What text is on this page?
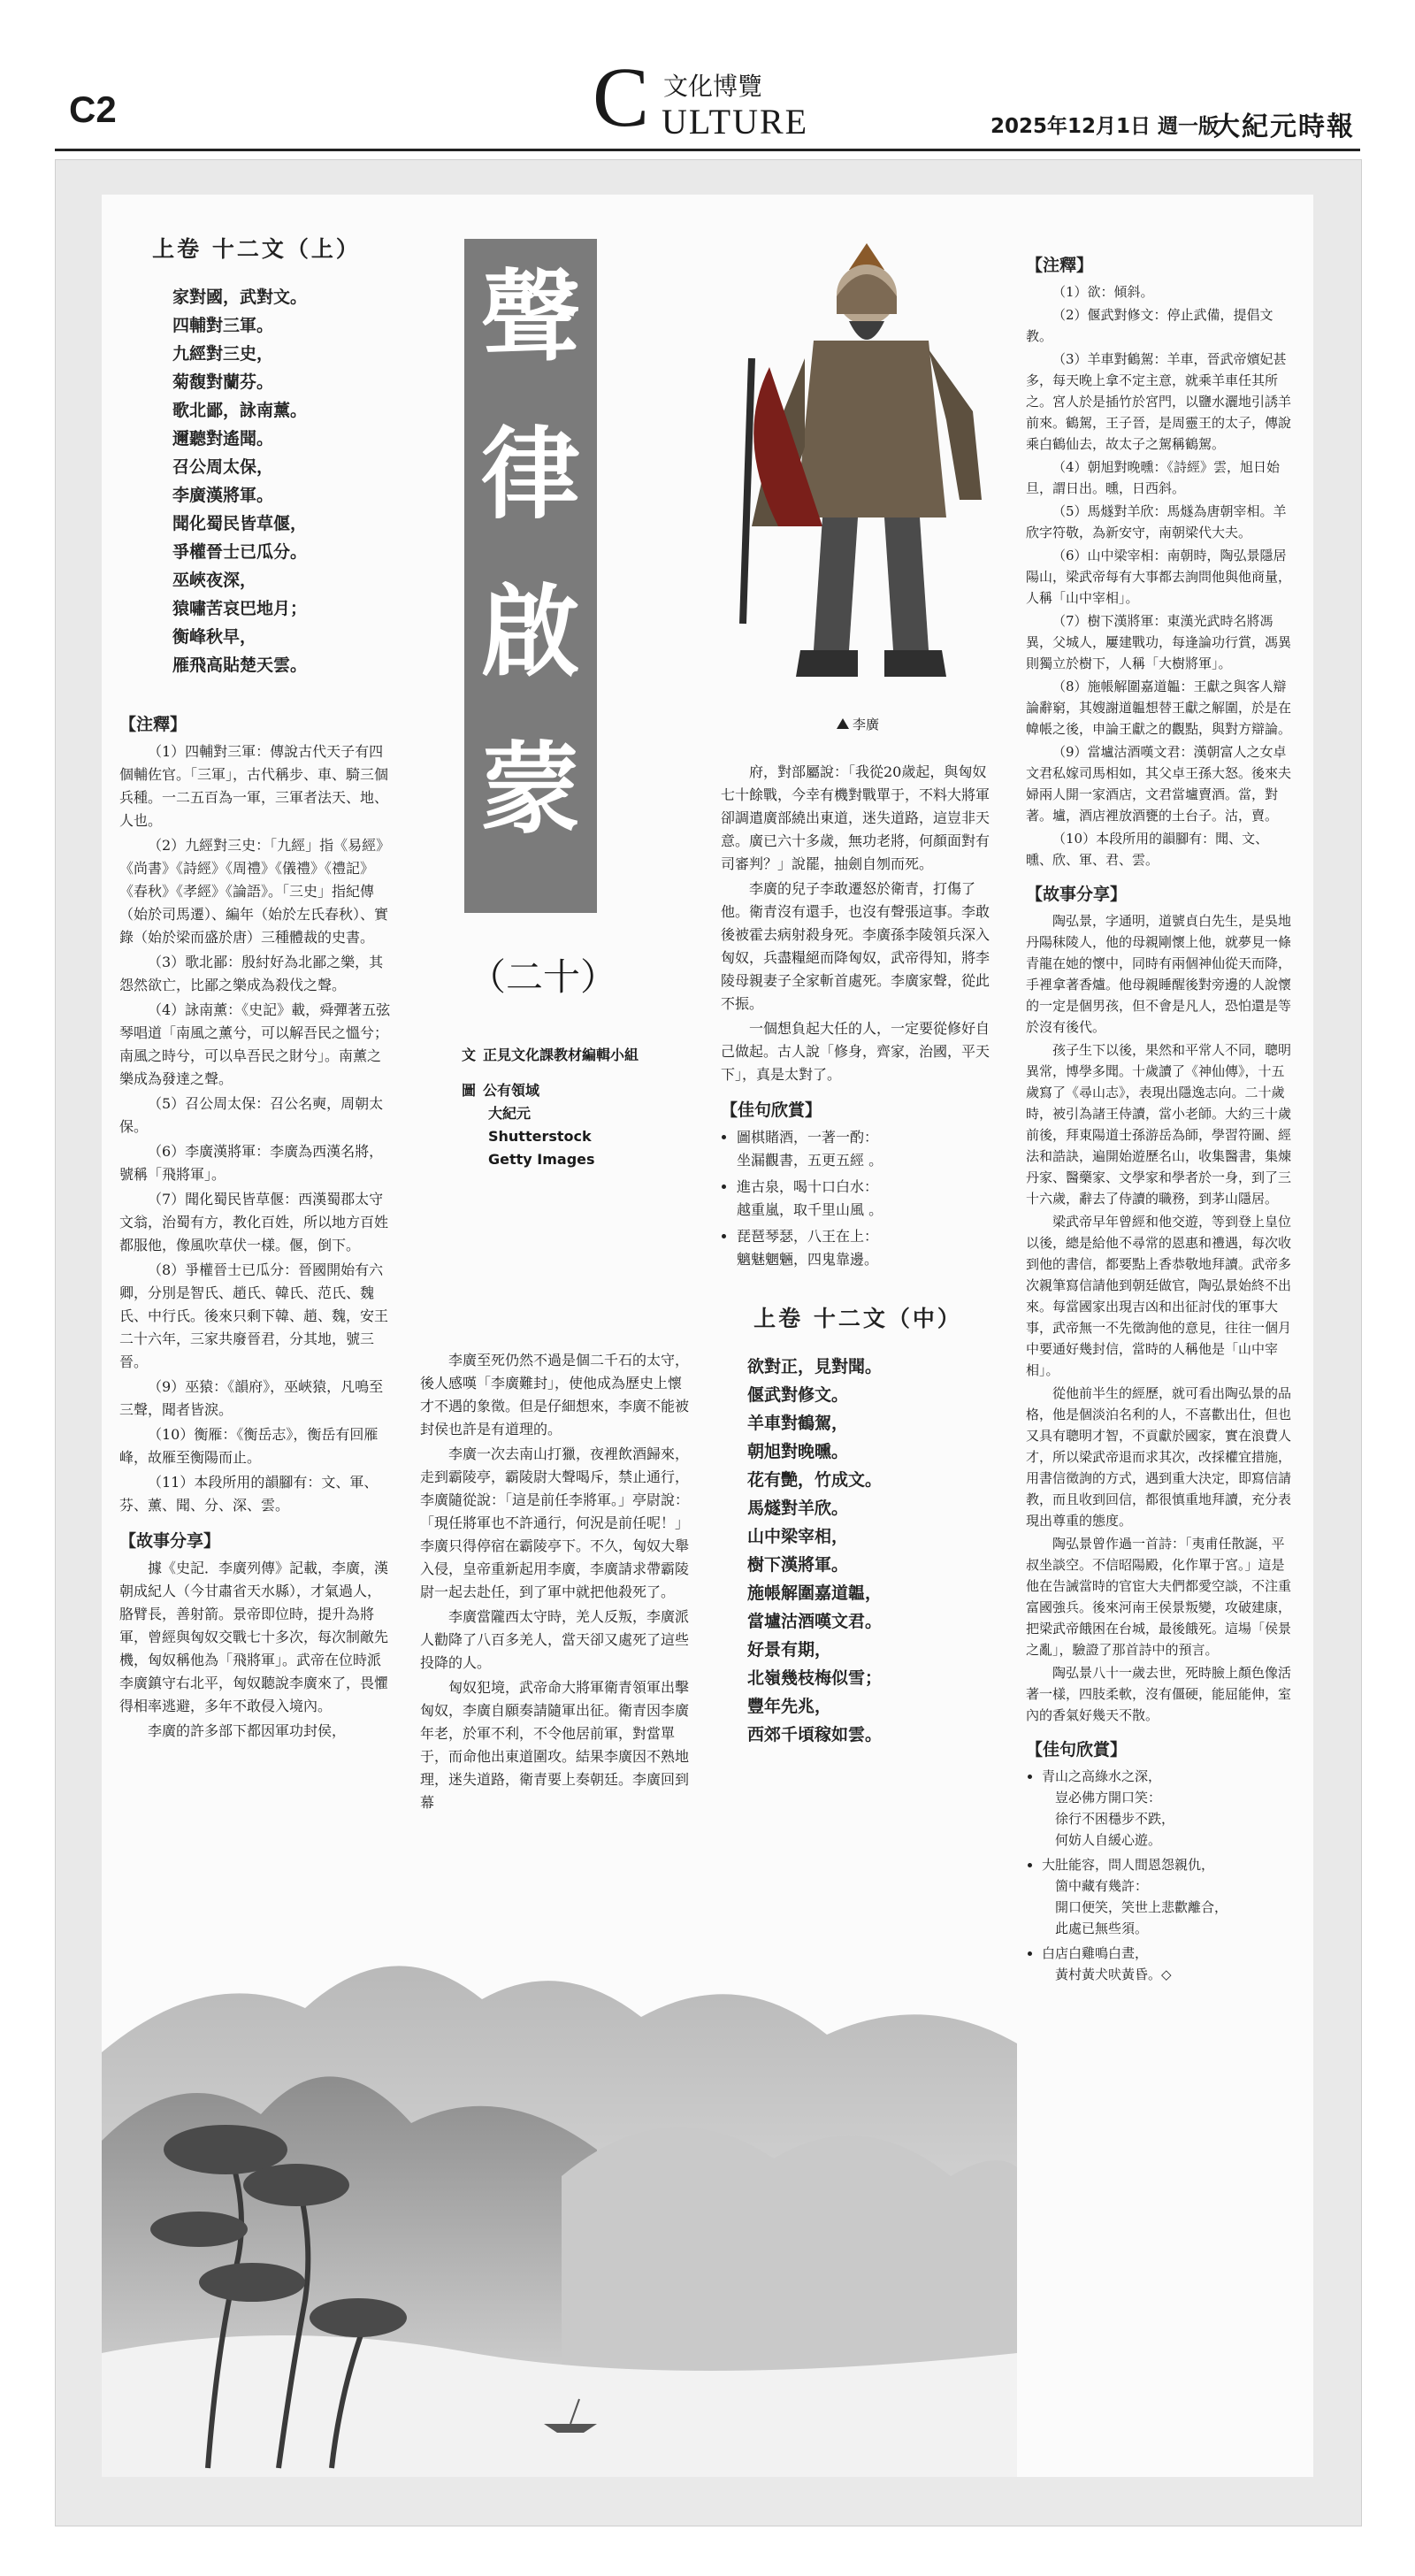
C2	C 文化博覽
ULTURE	2025年12月1日 週一版
大紀元時報
李廣
聲
律
啟
蒙
（二十）
文 正見文化課教材編輯小組
圖 公有領域
大紀元
Shutterstock
Getty Images
上卷 十二文（上）
家對國，武對文。
四輔對三軍。
九經對三史，
菊馥對蘭芬。
歌北鄙，詠南薰。
邇聽對遙聞。
召公周太保，
李廣漢將軍。
聞化蜀民皆草偃，
爭權晉士已瓜分。
巫峽夜深，
猿嘯苦哀巴地月；
衡峰秋早，
雁飛高貼楚天雲。
【注釋】

（1）四輔對三軍：傳說古代天子有四個輔佐官。「三軍」，古代稱步、車、騎三個兵種。一二五百為一軍，三軍者法天、地、人也。

（2）九經對三史：「九經」指《易經》《尚書》《詩經》《周禮》《儀禮》《禮記》《春秋》《孝經》《論語》。「三史」指紀傳（始於司馬遷）、編年（始於左氏春秋）、實錄（始於梁而盛於唐）三種體裁的史書。

（3）歌北鄙：殷紂好為北鄙之樂，其怨然欲亡，比鄙之樂成為殺伐之聲。

（4）詠南薰：《史記》載，舜彈著五弦琴唱道「南風之薰兮，可以解吾民之慍兮；南風之時兮，可以阜吾民之財兮」。南薰之樂成為發達之聲。

（5）召公周太保：召公名奭，周朝太保。

（6）李廣漢將軍：李廣為西漢名將，號稱「飛將軍」。

（7）聞化蜀民皆草偃：西漢蜀郡太守文翁，治蜀有方，教化百姓，所以地方百姓都服他，像風吹草伏一樣。偃，倒下。

（8）爭權晉士已瓜分：晉國開始有六卿，分別是智氏、趙氏、韓氏、范氏、魏氏、中行氏。後來只剩下韓、趙、魏，安王二十六年，三家共廢晉君，分其地，號三晉。

（9）巫猿：《韻府》，巫峽猿，凡鳴至三聲，聞者皆淚。

（10）衡雁：《衡岳志》，衡岳有回雁峰，故雁至衡陽而止。

（11）本段所用的韻腳有：文、軍、芬、薰、聞、分、深、雲。

【故事分享】

據《史記．李廣列傳》記載，李廣，漢朝成紀人（今甘肅省天水縣），才氣過人，胳臂長，善射箭。景帝即位時，提升為將軍，曾經與匈奴交戰七十多次，每次制敵先機，匈奴稱他為「飛將軍」。武帝在位時派李廣鎮守右北平，匈奴聽說李廣來了，畏懼得相率逃避，多年不敢侵入境內。

李廣的許多部下都因軍功封侯，

李廣至死仍然不過是個二千石的太守，後人感嘆「李廣難封」，使他成為歷史上懷才不遇的象徵。但是仔細想來，李廣不能被封侯也許是有道理的。

李廣一次去南山打獵，夜裡飲酒歸來，走到霸陵亭，霸陵尉大聲喝斥，禁止通行，李廣隨從說：「這是前任李將軍。」亭尉說：「現任將軍也不許通行，何況是前任呢！」李廣只得停宿在霸陵亭下。不久，匈奴大舉入侵，皇帝重新起用李廣，李廣請求帶霸陵尉一起去赴任，到了軍中就把他殺死了。

李廣當隴西太守時，羌人反叛，李廣派人勸降了八百多羌人，當天卻又處死了這些投降的人。

匈奴犯境，武帝命大將軍衛青領軍出擊匈奴，李廣自願奏請隨軍出征。衛青因李廣年老，於軍不利，不令他居前軍，對當單于，而命他出東道圍攻。結果李廣因不熟地理，迷失道路，衛青要上奏朝廷。李廣回到幕

府，對部屬說：「我從20歲起，與匈奴七十餘戰，今幸有機對戰單于，不料大將軍卻調遣廣部繞出東道，迷失道路，這豈非天意。廣已六十多歲，無功老將，何顏面對有司審判？」說罷，抽劍自刎而死。

李廣的兒子李敢遷怒於衛青，打傷了他。衛青沒有還手，也沒有聲張這事。李敢後被霍去病射殺身死。李廣孫李陵領兵深入匈奴，兵盡糧絕而降匈奴，武帝得知，將李陵母親妻子全家斬首處死。李廣家聲，從此不振。

一個想負起大任的人，一定要從修好自己做起。古人說「修身，齊家，治國，平天下」，真是太對了。

【佳句欣賞】
• 圖棋賭酒，一著一酌：
坐漏觀書，五更五經 。
• 進古泉，喝十口白水：
越重嵐，取千里山風 。
• 琵琶琴瑟，八王在上：
魑魅魍魎，四鬼靠邊。
上卷 十二文（中）
欲對正，見對聞。
偃武對修文。
羊車對鶴駕，
朝旭對晚曛。
花有艷，竹成文。
馬燧對羊欣。
山中梁宰相，
樹下漢將軍。
施帳解圍嘉道韞，
當壚沽酒嘆文君。
好景有期，
北嶺幾枝梅似雪；
豐年先兆，
西郊千頃稼如雲。
【注釋】

（1）欲：傾斜。

（2）偃武對修文：停止武備，提倡文教。

（3）羊車對鶴駕：羊車，晉武帝嬪妃甚多，每天晚上拿不定主意，就乘羊車任其所之。宮人於是插竹於宮門，以鹽水灑地引誘羊前來。鶴駕，王子晉，是周靈王的太子，傳說乘白鶴仙去，故太子之駕稱鶴駕。

（4）朝旭對晚曛：《詩經》雲，旭日始旦，謂日出。曛，日西斜。

（5）馬燧對羊欣：馬燧為唐朝宰相。羊欣字符敬，為新安守，南朝梁代大夫。

（6）山中梁宰相：南朝時，陶弘景隱居陽山，梁武帝每有大事都去詢問他與他商量，人稱「山中宰相」。

（7）樹下漢將軍：東漢光武時名將馮異，父城人，屢建戰功，每逢論功行賞，馮異則獨立於樹下，人稱「大樹將軍」。

（8）施帳解圍嘉道韞：王獻之與客人辯論辭窮，其嫂謝道韞想替王獻之解圍，於是在幃帳之後，申論王獻之的觀點，與對方辯論。

（9）當壚沽酒嘆文君：漢朝富人之女卓文君私嫁司馬相如，其父卓王孫大怒。後來夫婦兩人開一家酒店，文君當壚賣酒。當，對著。壚，酒店裡放酒甕的土台子。沽，賣。

（10）本段所用的韻腳有：聞、文、曛、欣、軍、君、雲。

【故事分享】

陶弘景，字通明，道號貞白先生，是吳地丹陽秣陵人，他的母親剛懷上他，就夢見一條青龍在她的懷中，同時有兩個神仙從天而降，手裡拿著香爐。他母親睡醒後對旁邊的人說懷的一定是個男孩，但不會是凡人，恐怕還是等於沒有後代。

孩子生下以後，果然和平常人不同，聰明異常，博學多聞。十歲讀了《神仙傳》，十五歲寫了《尋山志》，表現出隱逸志向。二十歲時，被引為諸王侍讀，當小老師。大約三十歲前後，拜東陽道士孫游岳為師，學習符圖、經法和誥訣，遍開始遊歷名山，收集醫書，集煉丹家、醫藥家、文學家和學者於一身，到了三十六歲，辭去了侍讀的職務，到茅山隱居。

梁武帝早年曾經和他交遊，等到登上皇位以後，總是給他不尋常的恩惠和禮遇，每次收到他的書信，都要點上香恭敬地拜讀。武帝多次親筆寫信請他到朝廷做官，陶弘景始終不出來。每當國家出現吉凶和出征討伐的軍事大事，武帝無一不先徵詢他的意見，往往一個月中要通好幾封信，當時的人稱他是「山中宰相」。

從他前半生的經歷，就可看出陶弘景的品格，他是個淡泊名利的人，不喜歡出仕，但也又具有聰明才智，不貢獻於國家，實在浪費人才，所以梁武帝退而求其次，改採權宜措施，用書信徵詢的方式，遇到重大決定，即寫信請教，而且收到回信，都很慎重地拜讀，充分表現出尊重的態度。

陶弘景曾作過一首詩：「夷甫任散誕，平叔坐談空。不信昭陽殿，化作單于宮。」這是他在告誡當時的官宦大夫們都愛空談，不注重富國強兵。後來河南王侯景叛變，攻破建康，把梁武帝餓困在台城，最後餓死。這場「侯景之亂」，驗證了那首詩中的預言。

陶弘景八十一歲去世，死時臉上顏色像活著一樣，四肢柔軟，沒有僵硬，能屈能伸，室內的香氣好幾天不散。

【佳句欣賞】
• 青山之高綠水之深，
豈必佛方開口笑：
徐行不困穩步不跌，
何妨人自緩心遊。
• 大肚能容，問人間恩怨親仇，
箇中藏有幾許：
開口便笑，笑世上悲歡離合，
此處已無些須。
• 白店白雞鳴白晝，
黃村黃犬吠黃昏。◇
